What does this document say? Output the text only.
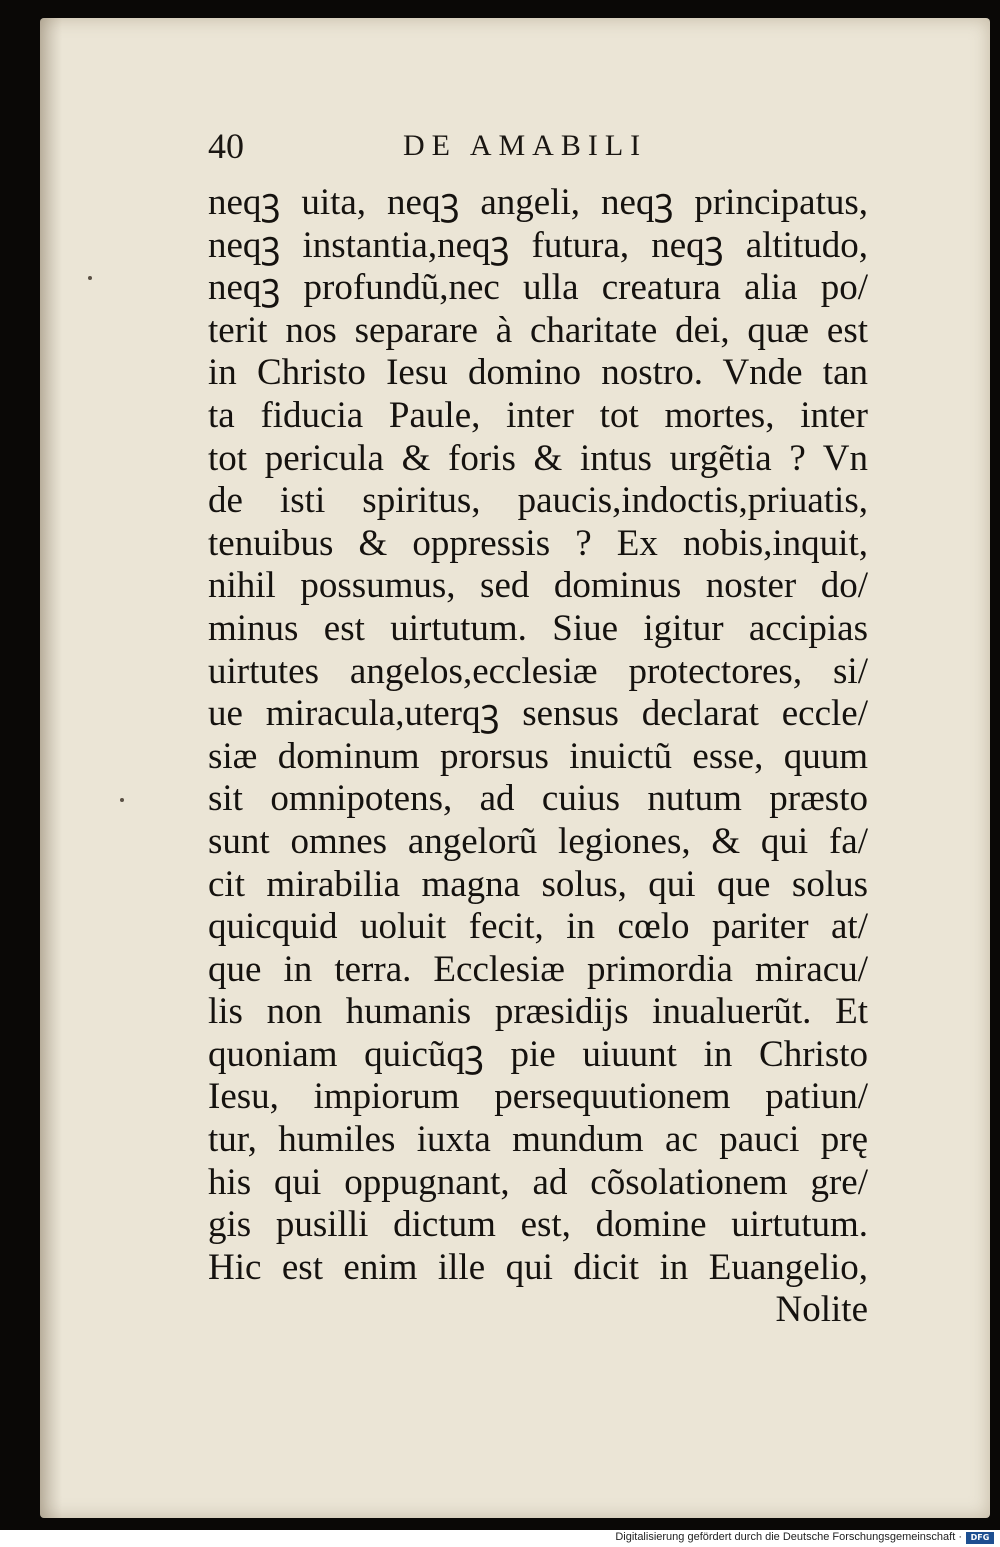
40	DE AMABILI
neqꝫ uita, neqꝫ angeli, neqꝫ principatus,
neqꝫ instantia,neqꝫ futura, neqꝫ altitudo,
neqꝫ profundũ,nec ulla creatura alia po/
terit nos separare à charitate dei, quæ est
in Christo Iesu domino nostro. Vnde tan
ta fiducia Paule, inter tot mortes, inter
tot pericula & foris & intus urgẽtia ? Vn
de isti spiritus, paucis,indoctis,priuatis,
tenuibus & oppressis ? Ex nobis,inquit,
nihil possumus, sed dominus noster do/
minus est uirtutum. Siue igitur accipias
uirtutes angelos,ecclesiæ protectores, si/
ue miracula,uterqꝫ sensus declarat eccle/
siæ dominum prorsus inuictũ esse, quum
sit omnipotens, ad cuius nutum præsto
sunt omnes angelorũ legiones, & qui fa/
cit mirabilia magna solus, qui que solus
quicquid uoluit fecit, in cœlo pariter at/
que in terra. Ecclesiæ primordia miracu/
lis non humanis præsidijs inualuerũt. Et
quoniam quicũqꝫ pie uiuunt in Christo
Iesu, impiorum persequutionem patiun/
tur, humiles iuxta mundum ac pauci prę
his qui oppugnant, ad cõsolationem gre/
gis pusilli dictum est, domine uirtutum.
Hic est enim ille qui dicit in Euangelio,
Nolite
Digitalisierung gefördert durch die Deutsche Forschungsgemeinschaft ·	DFG
